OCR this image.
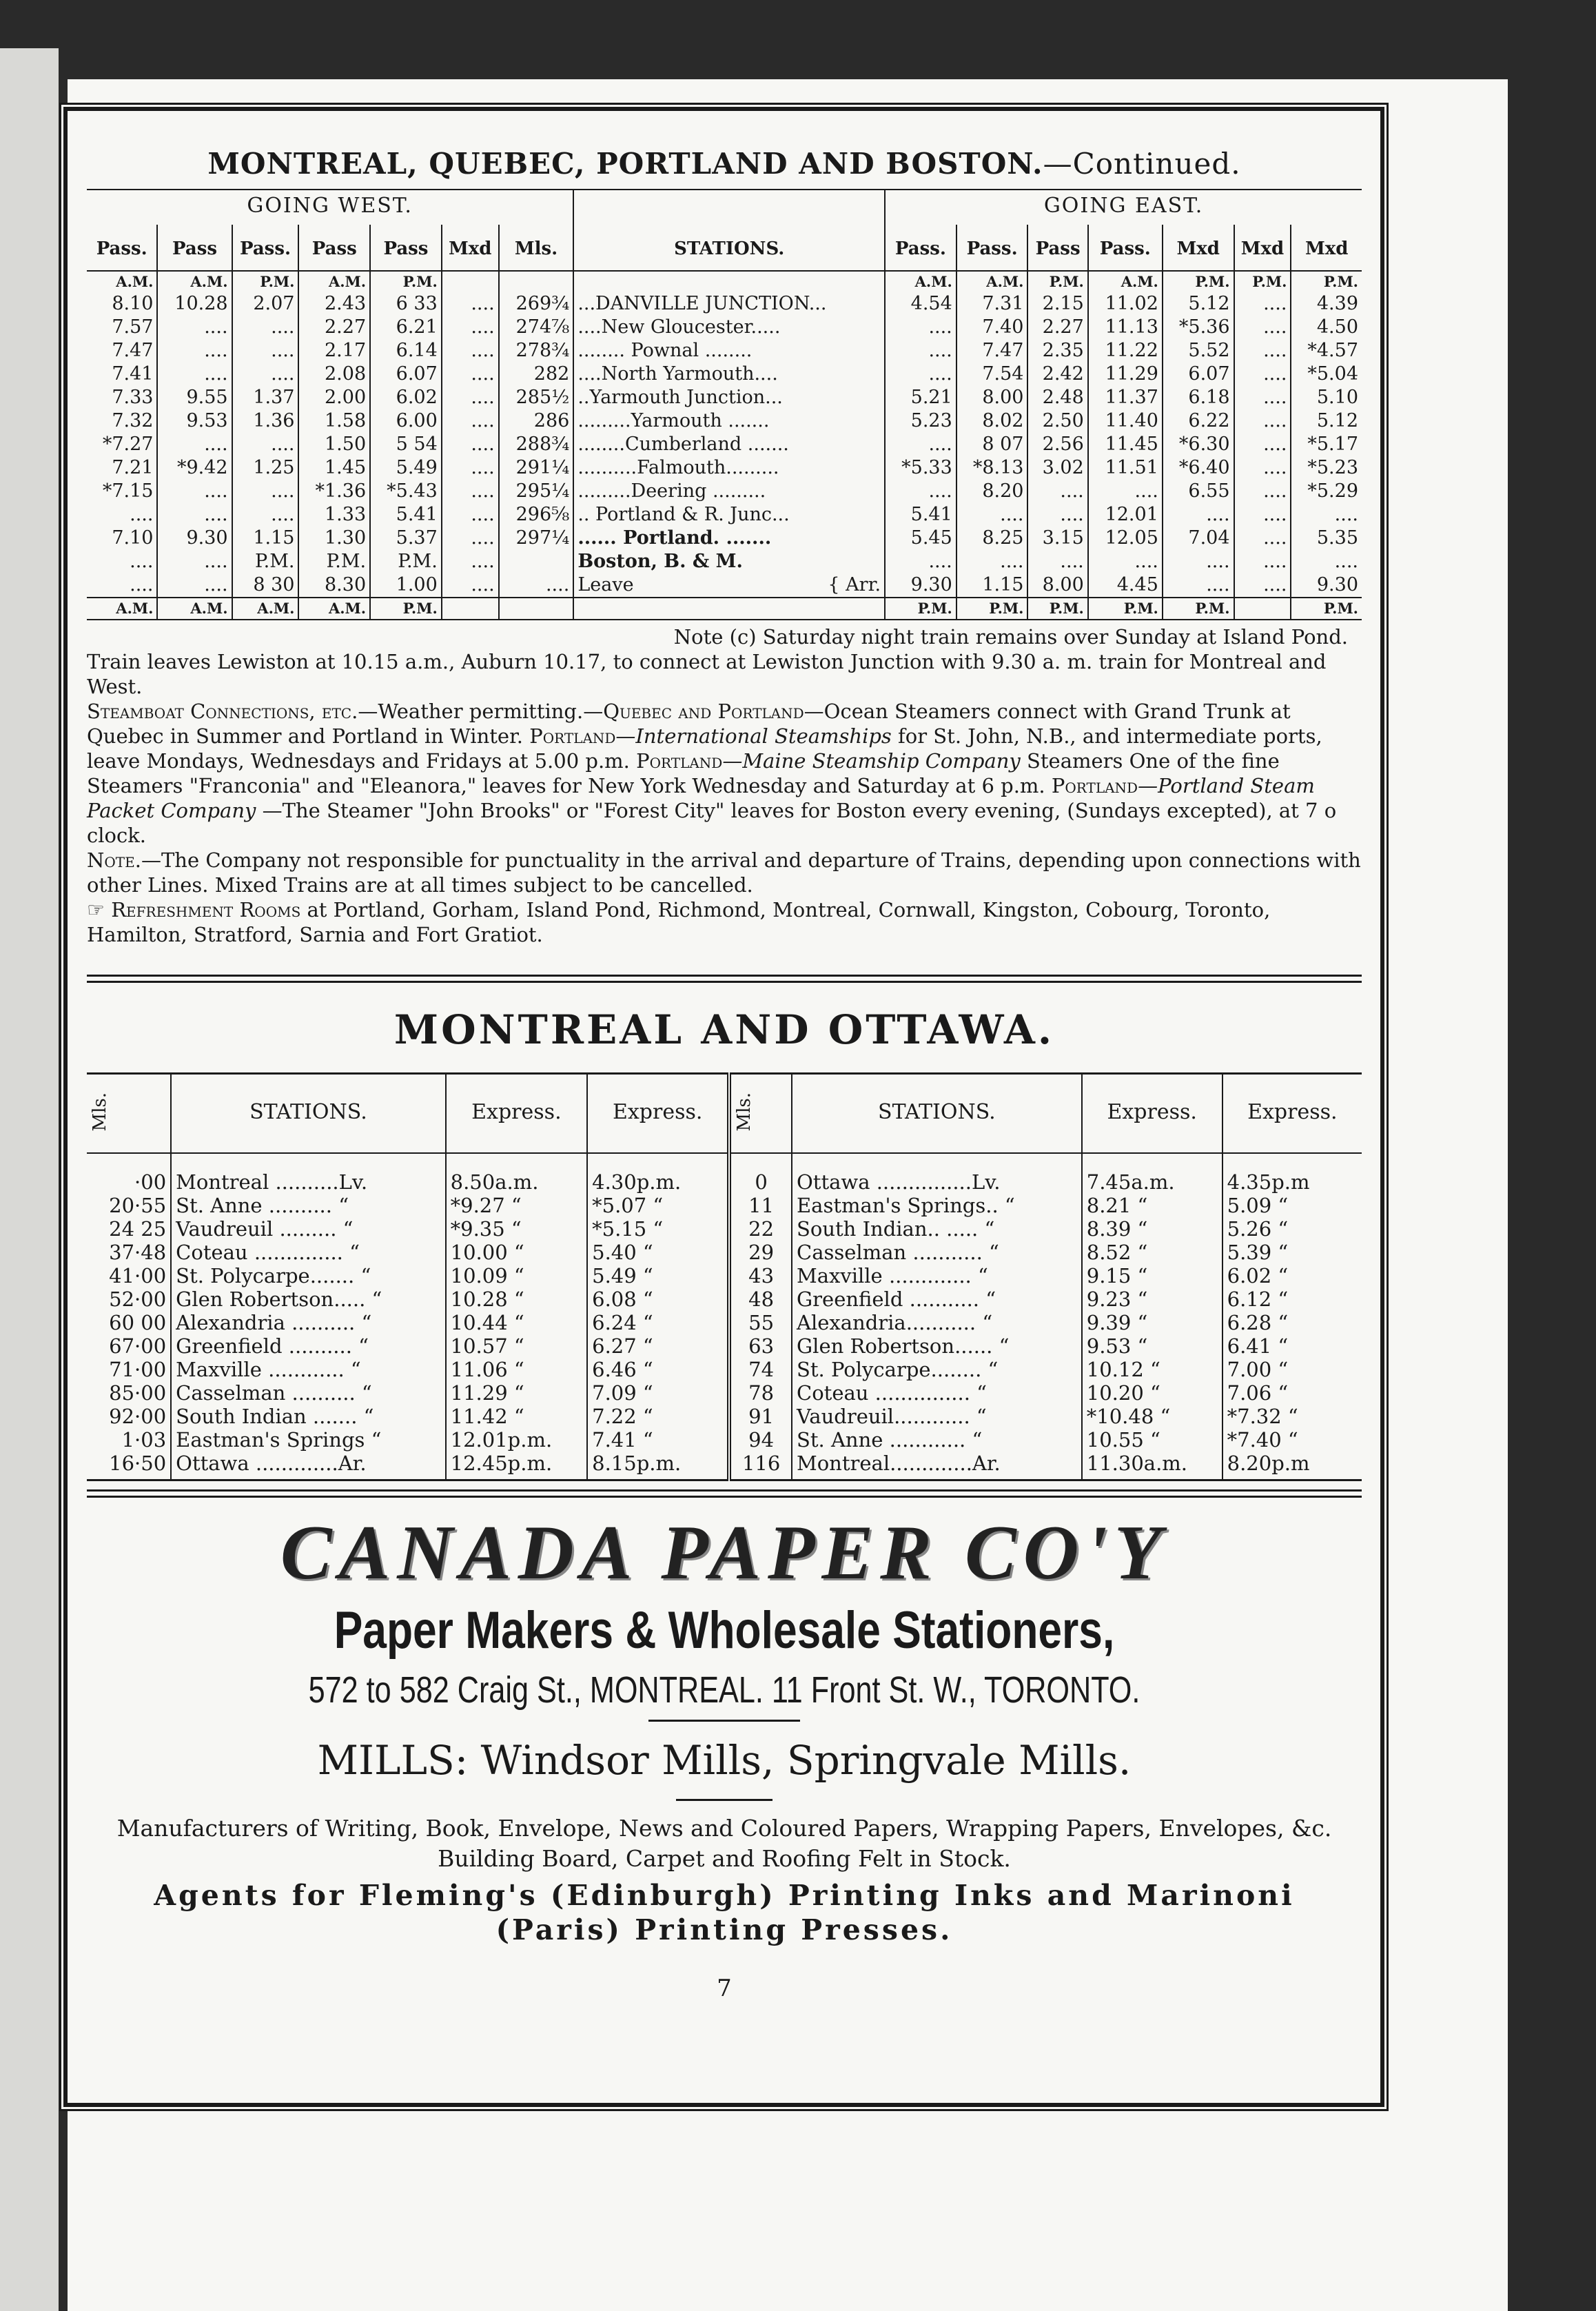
MONTREAL, QUEBEC, PORTLAND AND BOSTON.—Continued.
GOING WEST.								GOING EAST.						
Pass.	Pass	Pass.	Pass	Pass	Mxd	Mls.	STATIONS.	Pass.	Pass.	Pass	Pass.	Mxd	Mxd	Mxd
A.M.	A.M.	P.M.	A.M.	P.M.				A.M.	A.M.	P.M.	A.M.	P.M.	P.M.	P.M.
8.10	10.28	2.07	2.43	6 33	....	269¾	...DANVILLE JUNCTION...	4.54	7.31	2.15	11.02	5.12	....	4.39
7.57	....	....	2.27	6.21	....	274⅞	....New Gloucester.....	....	7.40	2.27	11.13	*5.36	....	4.50
7.47	....	....	2.17	6.14	....	278¾	........ Pownal ........	....	7.47	2.35	11.22	5.52	....	*4.57
7.41	....	....	2.08	6.07	....	282	....North Yarmouth....	....	7.54	2.42	11.29	6.07	....	*5.04
7.33	9.55	1.37	2.00	6.02	....	285½	..Yarmouth Junction...	5.21	8.00	2.48	11.37	6.18	....	5.10
7.32	9.53	1.36	1.58	6.00	....	286	.........Yarmouth .......	5.23	8.02	2.50	11.40	6.22	....	5.12
*7.27	....	....	1.50	5 54	....	288¾	........Cumberland .......	....	8 07	2.56	11.45	*6.30	....	*5.17
7.21	*9.42	1.25	1.45	5.49	....	291¼	..........Falmouth.........	*5.33	*8.13	3.02	11.51	*6.40	....	*5.23
*7.15	....	....	*1.36	*5.43	....	295¼	.........Deering .........	....	8.20	....	....	6.55	....	*5.29
....	....	....	1.33	5.41	....	296⅝	.. Portland & R. Junc...	5.41	....	....	12.01	....	....	....
7.10	9.30	1.15	1.30	5.37	....	297¼	...... Portland. .......	5.45	8.25	3.15	12.05	7.04	....	5.35
....	....	P.M.	P.M.	P.M.	....		Boston, B. & M.	....	....	....	....	....	....	....
....	....	8 30	8.30	1.00	....	....	Leave { Arr.	9.30	1.15	8.00	4.45	....	....	9.30
A.M.	A.M.	A.M.	A.M.	P.M.				P.M.	P.M.	P.M.	P.M.	P.M.		P.M.

Note (c) Saturday night train remains over Sunday at Island Pond.

Train leaves Lewiston at 10.15 a.m., Auburn 10.17, to connect at Lewiston Junction with 9.30 a. m. train for Montreal and West.

Steamboat Connections, etc.—Weather permitting.—Quebec and Portland—Ocean Steamers connect with Grand Trunk at Quebec in Summer and Portland in Winter. Portland—International Steamships for St. John, N.B., and intermediate ports, leave Mondays, Wednesdays and Fridays at 5.00 p.m. Portland—Maine Steamship Company Steamers One of the fine Steamers "Franconia" and "Eleanora," leaves for New York Wednesday and Saturday at 6 p.m. Portland—Portland Steam Packet Company —The Steamer "John Brooks" or "Forest City" leaves for Boston every evening, (Sundays excepted), at 7 o clock.

Note.—The Company not responsible for punctuality in the arrival and departure of Trains, depending upon connections with other Lines. Mixed Trains are at all times subject to be cancelled.

☞ Refreshment Rooms at Portland, Gorham, Island Pond, Richmond, Montreal, Cornwall, Kingston, Cobourg, Toronto, Hamilton, Stratford, Sarnia and Fort Gratiot.

MONTREAL AND OTTAWA.
Mls.	STATIONS.	Express.	Express.	Mls.	STATIONS.	Express.	Express.
·00	Montreal ..........Lv.	8.50a.m.	4.30p.m.	0	Ottawa ...............Lv.	7.45a.m.	4.35p.m
20·55	St. Anne .......... “	*9.27 “	*5.07 “	11	Eastman's Springs.. “	8.21 “	5.09 “
24 25	Vaudreuil ......... “	*9.35 “	*5.15 “	22	South Indian.. ..... “	8.39 “	5.26 “
37·48	Coteau .............. “	10.00 “	5.40 “	29	Casselman ........... “	8.52 “	5.39 “
41·00	St. Polycarpe....... “	10.09 “	5.49 “	43	Maxville ............. “	9.15 “	6.02 “
52·00	Glen Robertson..... “	10.28 “	6.08 “	48	Greenfield ........... “	9.23 “	6.12 “
60 00	Alexandria .......... “	10.44 “	6.24 “	55	Alexandria........... “	9.39 “	6.28 “
67·00	Greenfield .......... “	10.57 “	6.27 “	63	Glen Robertson...... “	9.53 “	6.41 “
71·00	Maxville ............ “	11.06 “	6.46 “	74	St. Polycarpe........ “	10.12 “	7.00 “
85·00	Casselman .......... “	11.29 “	7.09 “	78	Coteau ............... “	10.20 “	7.06 “
92·00	South Indian ....... “	11.42 “	7.22 “	91	Vaudreuil............ “	*10.48 “	*7.32 “
1·03	Eastman's Springs “	12.01p.m.	7.41 “	94	St. Anne ............ “	10.55 “	*7.40 “
16·50	Ottawa .............Ar.	12.45p.m.	8.15p.m.	116	Montreal.............Ar.	11.30a.m.	8.20p.m
CANADA PAPER CO'Y
Paper Makers & Wholesale Stationers,
572 to 582 Craig St., MONTREAL. 11 Front St. W., TORONTO.
MILLS: Windsor Mills, Springvale Mills.
Manufacturers of Writing, Book, Envelope, News and Coloured Papers, Wrapping Papers, Envelopes, &c. Building Board, Carpet and Roofing Felt in Stock.
Agents for Fleming's (Edinburgh) Printing Inks and Marinoni (Paris) Printing Presses.
7
